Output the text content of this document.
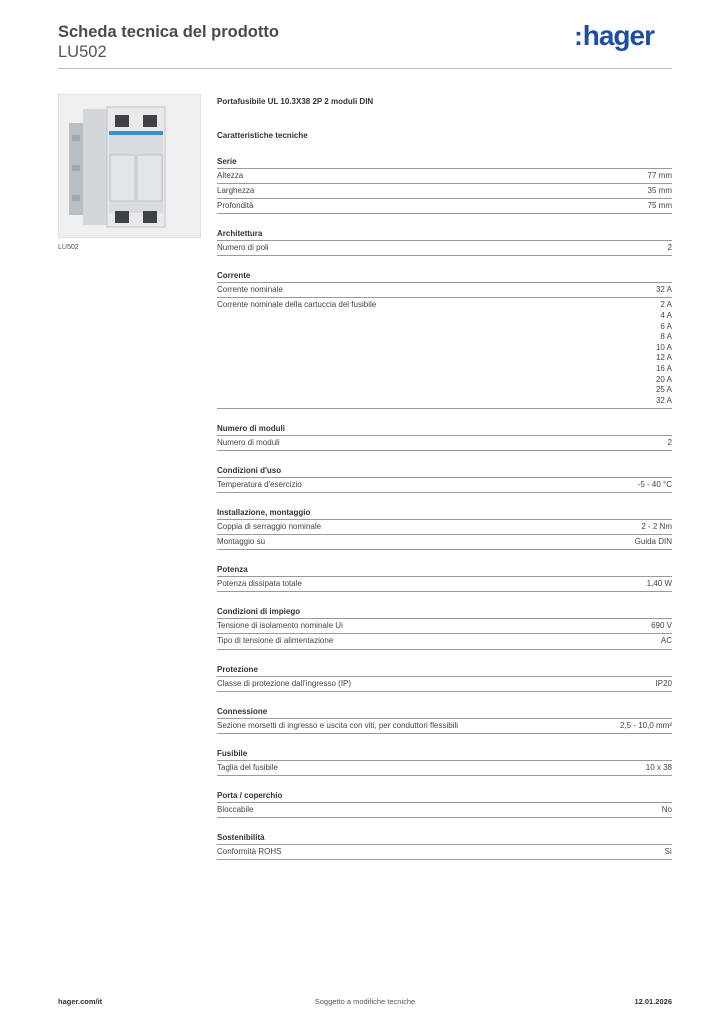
Scheda tecnica del prodotto
LU502
:hager
LU502
Portafusibile UL 10.3X38 2P 2 moduli DIN
Caratteristiche tecniche
Serie
Altezza	77 mm
Larghezza	35 mm
Profondità	75 mm
Architettura
Numero di poli	2
Corrente
Corrente nominale	32 A
Corrente nominale della cartuccia del fusibile	2 A
4 A
6 A
8 A
10 A
12 A
16 A
20 A
25 A
32 A
Numero di moduli
Numero di moduli	2
Condizioni d'uso
Temperatura d'esercizio	-5 - 40 °C
Installazione, montaggio
Coppia di serraggio nominale	2 - 2 Nm
Montaggio su	Guida DIN
Potenza
Potenza dissipata totale	1,40 W
Condizioni di impiego
Tensione di isolamento nominale Ui	690 V
Tipo di tensione di alimentazione	AC
Protezione
Classe di protezione dall'ingresso (IP)	IP20
Connessione
Sezione morsetti di ingresso e uscita con viti, per conduttori flessibili	2,5 - 10,0 mm²
Fusibile
Taglia del fusibile	10 x 38
Porta / coperchio
Bloccabile	No
Sostenibilità
Conformità ROHS	Sì
Soggetto a modifiche tecniche
hager.com/it	12.01.2026
